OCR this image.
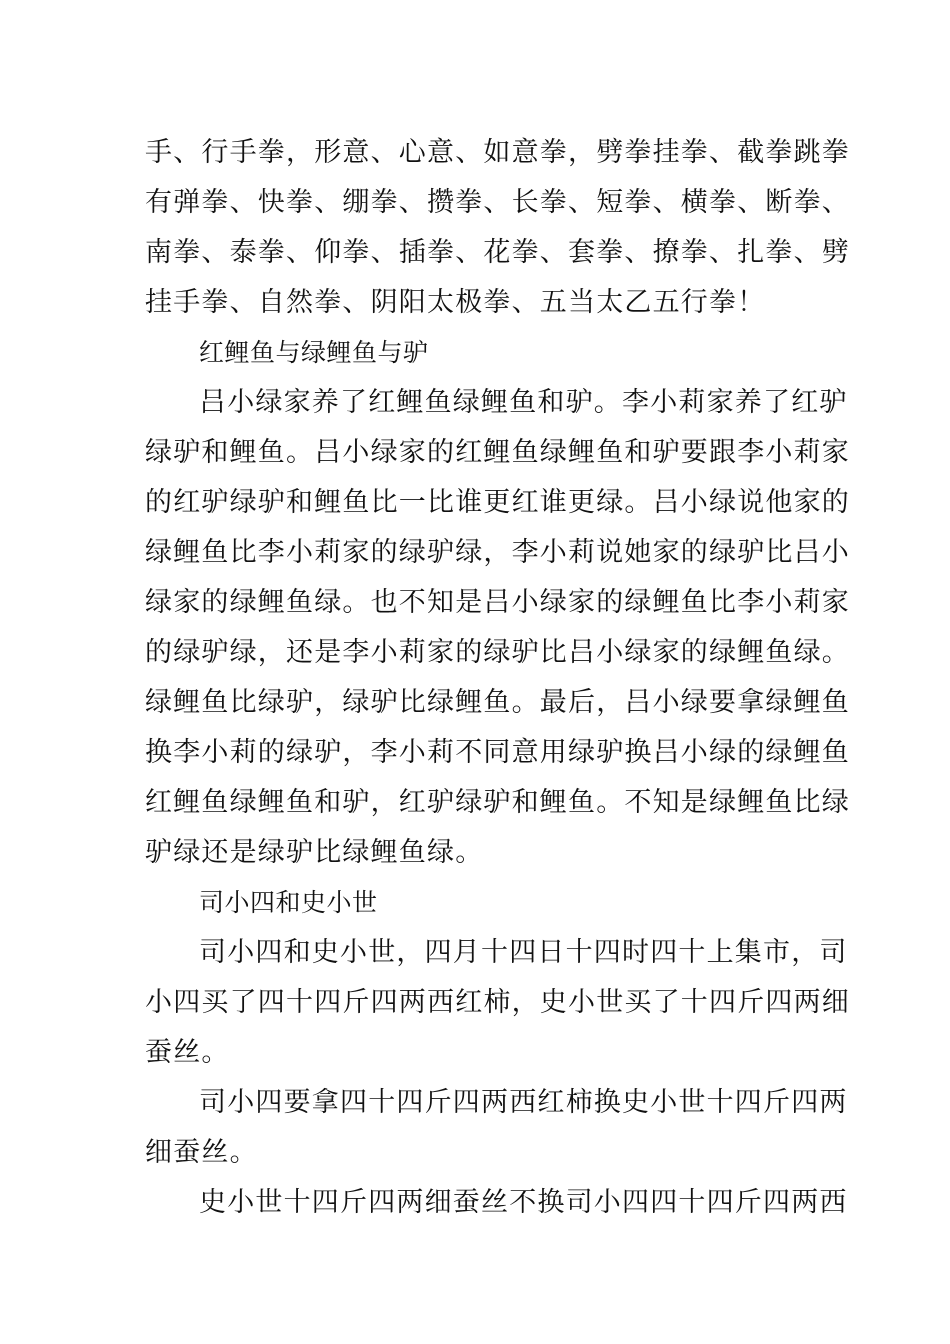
手、行手拳，形意、心意、如意拳，劈拳挂拳、截拳跳拳
有弹拳、快拳、绷拳、攒拳、长拳、短拳、横拳、断拳、
南拳、泰拳、仰拳、插拳、花拳、套拳、撩拳、扎拳、劈
挂手拳、自然拳、阴阳太极拳、五当太乙五行拳！
红鲤鱼与绿鲤鱼与驴
吕小绿家养了红鲤鱼绿鲤鱼和驴。李小莉家养了红驴
绿驴和鲤鱼。吕小绿家的红鲤鱼绿鲤鱼和驴要跟李小莉家
的红驴绿驴和鲤鱼比一比谁更红谁更绿。吕小绿说他家的
绿鲤鱼比李小莉家的绿驴绿，李小莉说她家的绿驴比吕小
绿家的绿鲤鱼绿。也不知是吕小绿家的绿鲤鱼比李小莉家
的绿驴绿，还是李小莉家的绿驴比吕小绿家的绿鲤鱼绿。
绿鲤鱼比绿驴，绿驴比绿鲤鱼。最后，吕小绿要拿绿鲤鱼
换李小莉的绿驴，李小莉不同意用绿驴换吕小绿的绿鲤鱼
红鲤鱼绿鲤鱼和驴，红驴绿驴和鲤鱼。不知是绿鲤鱼比绿
驴绿还是绿驴比绿鲤鱼绿。
司小四和史小世
司小四和史小世，四月十四日十四时四十上集市，司
小四买了四十四斤四两西红柿，史小世买了十四斤四两细
蚕丝。
司小四要拿四十四斤四两西红柿换史小世十四斤四两
细蚕丝。
史小世十四斤四两细蚕丝不换司小四四十四斤四两西
